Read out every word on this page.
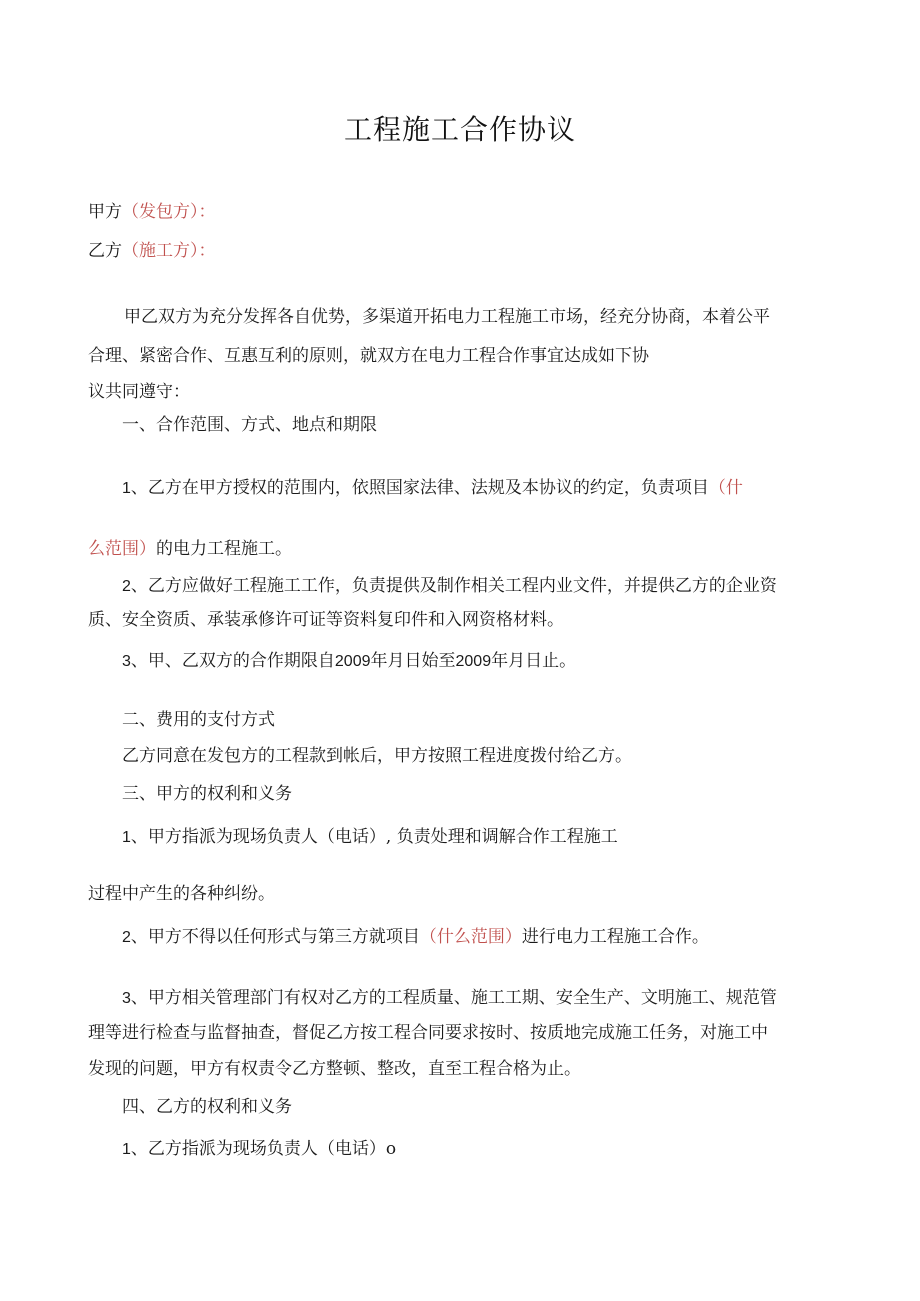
工程施工合作协议
甲方（发包方）：
乙方（施工方）：
甲乙双方为充分发挥各自优势，多渠道开拓电力工程施工市场，经充分协商，本着公平
合理、紧密合作、互惠互利的原则，就双方在电力工程合作事宜达成如下协
议共同遵守：
一、合作范围、方式、地点和期限
1、乙方在甲方授权的范围内，依照国家法律、法规及本协议的约定，负责项目（什
么范围）的电力工程施工。
2、乙方应做好工程施工工作，负责提供及制作相关工程内业文件，并提供乙方的企业资
质、安全资质、承装承修许可证等资料复印件和入网资格材料。
3、甲、乙双方的合作期限自2009年月日始至2009年月日止。
二、费用的支付方式
乙方同意在发包方的工程款到帐后，甲方按照工程进度拨付给乙方。
三、甲方的权利和义务
1、甲方指派为现场负责人（电话）, 负责处理和调解合作工程施工
过程中产生的各种纠纷。
2、甲方不得以任何形式与第三方就项目（什么范围）进行电力工程施工合作。
3、甲方相关管理部门有权对乙方的工程质量、施工工期、安全生产、文明施工、规范管
理等进行检查与监督抽查，督促乙方按工程合同要求按时、按质地完成施工任务，对施工中
发现的问题，甲方有权责令乙方整顿、整改，直至工程合格为止。
四、乙方的权利和义务
1、乙方指派为现场负责人（电话）o
